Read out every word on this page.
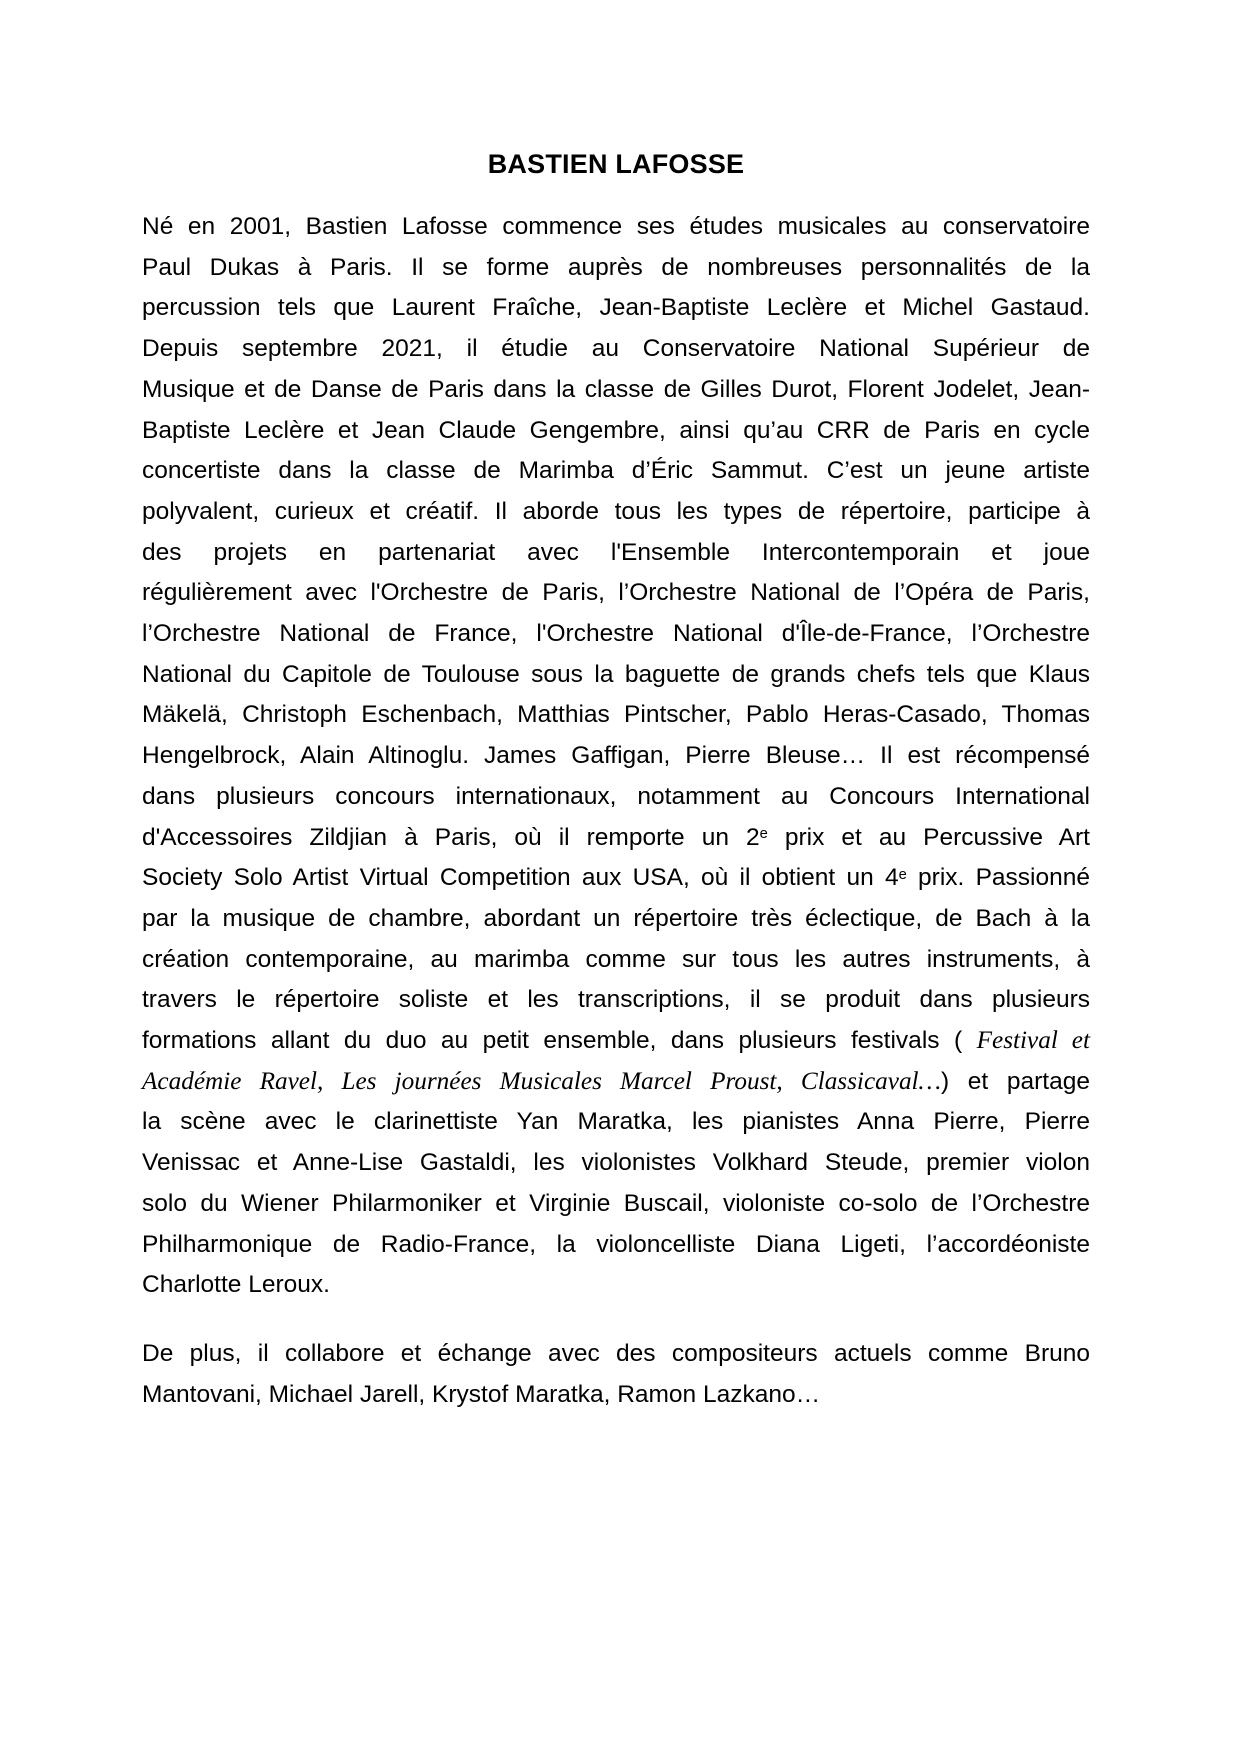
BASTIEN LAFOSSE
Né en 2001, Bastien Lafosse commence ses études musicales au conservatoire
Paul Dukas à Paris. Il se forme auprès de nombreuses personnalités de la
percussion tels que Laurent Fraîche, Jean-Baptiste Leclère et Michel Gastaud.
Depuis septembre 2021, il étudie au Conservatoire National Supérieur de
Musique et de Danse de Paris dans la classe de Gilles Durot, Florent Jodelet, Jean-
Baptiste Leclère et Jean Claude Gengembre, ainsi qu’au CRR de Paris en cycle
concertiste dans la classe de Marimba d’Éric Sammut. C’est un jeune artiste
polyvalent, curieux et créatif. Il aborde tous les types de répertoire, participe à
des projets en partenariat avec l'Ensemble Intercontemporain et joue
régulièrement avec l'Orchestre de Paris, l’Orchestre National de l’Opéra de Paris,
l’Orchestre National de France, l'Orchestre National d'Île-de-France, l’Orchestre
National du Capitole de Toulouse sous la baguette de grands chefs tels que Klaus
Mäkelä, Christoph Eschenbach, Matthias Pintscher, Pablo Heras-Casado, Thomas
Hengelbrock, Alain Altinoglu. James Gaffigan, Pierre Bleuse… Il est récompensé
dans plusieurs concours internationaux, notamment au Concours International
d'Accessoires Zildjian à Paris, où il remporte un 2e prix et au Percussive Art
Society Solo Artist Virtual Competition aux USA, où il obtient un 4e prix. Passionné
par la musique de chambre, abordant un répertoire très éclectique, de Bach à la
création contemporaine, au marimba comme sur tous les autres instruments, à
travers le répertoire soliste et les transcriptions, il se produit dans plusieurs
formations allant du duo au petit ensemble, dans plusieurs festivals ( Festival et
Académie Ravel, Les journées Musicales Marcel Proust, Classicaval…) et partage
la scène avec le clarinettiste Yan Maratka, les pianistes Anna Pierre, Pierre
Venissac et Anne-Lise Gastaldi, les violonistes Volkhard Steude, premier violon
solo du Wiener Philarmoniker et Virginie Buscail, violoniste co-solo de l’Orchestre
Philharmonique de Radio-France, la violoncelliste Diana Ligeti, l’accordéoniste
Charlotte Leroux.
De plus, il collabore et échange avec des compositeurs actuels comme Bruno
Mantovani, Michael Jarell, Krystof Maratka, Ramon Lazkano…
